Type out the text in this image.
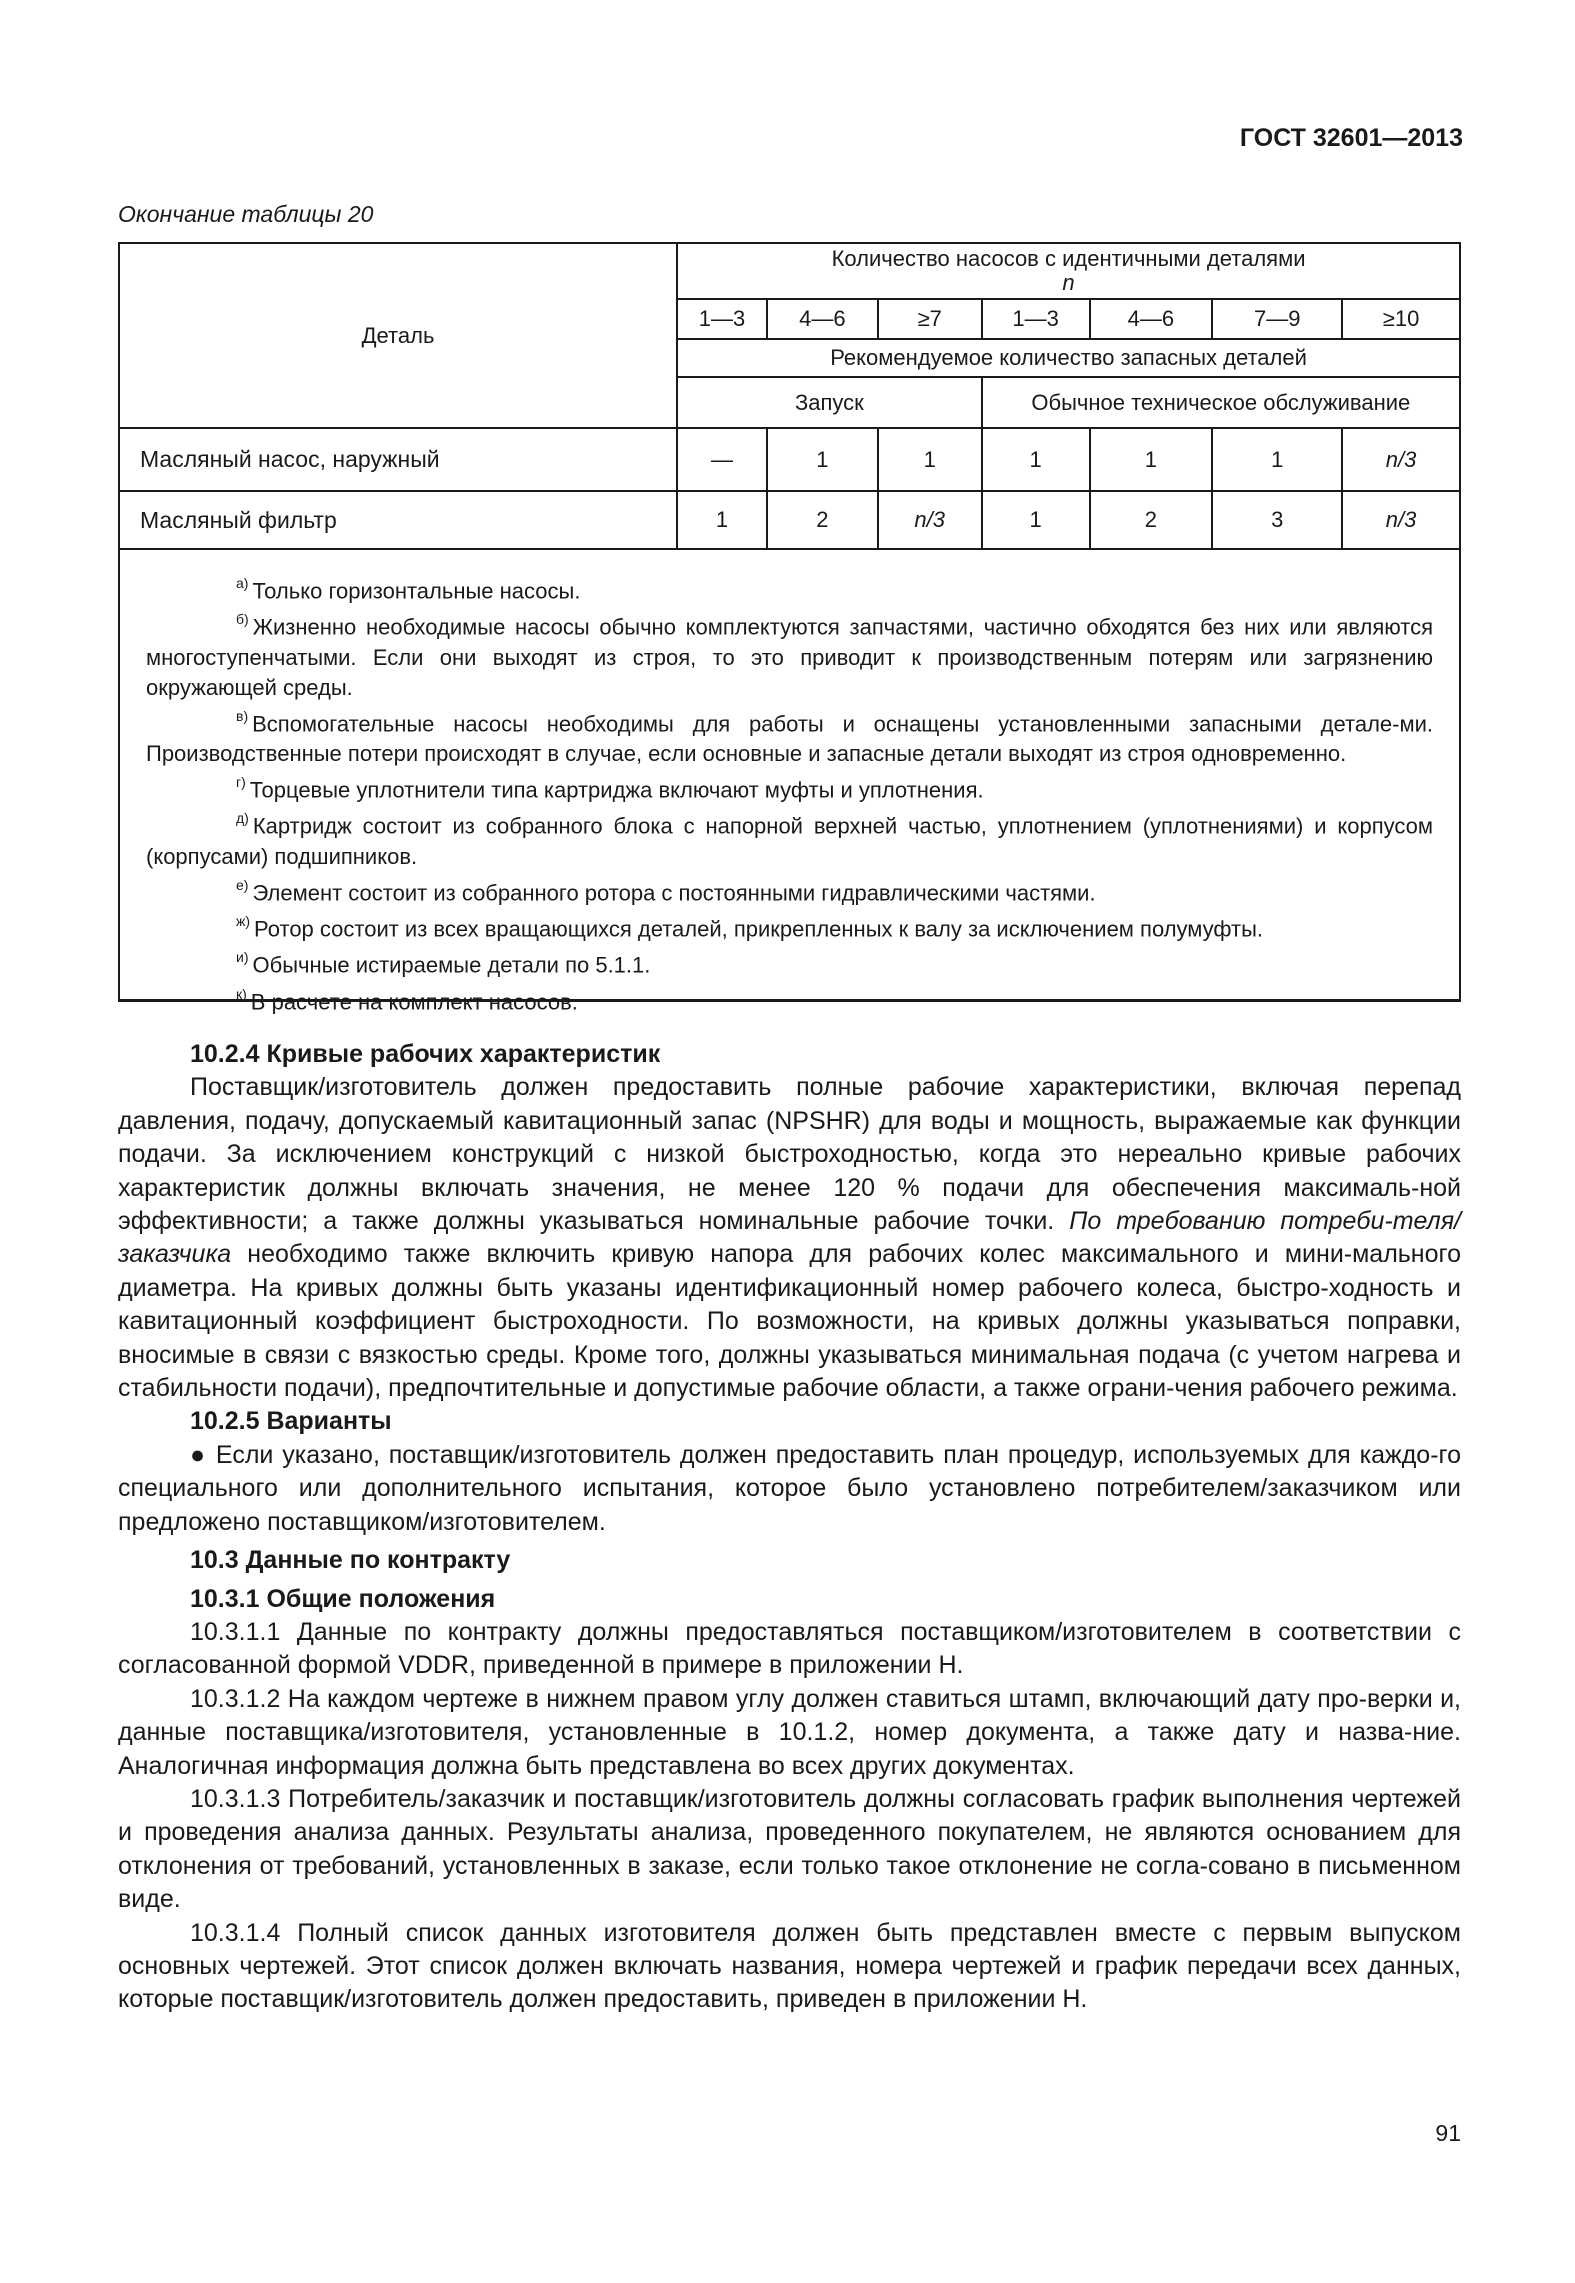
ГОСТ 32601—2013
Окончание таблицы 20
Деталь	Количество насосов с идентичными деталями
n						

	1—3	4—6	≥7	1—3	4—6	7—9	≥10
	Рекомендуемое количество запасных деталей						
	Запуск			Обычное техническое обслуживание			
Масляный насос, наружный	—	1	1	1	1	1	n/3
Масляный фильтр	1	2	n/3	1	2	3	n/3

$^{а)}$ Только горизонтальные насосы.

$^{б)}$ Жизненно необходимые насосы обычно комплектуются запчастями, частично обходятся без них или являются многоступенчатыми. Если они выходят из строя, то это приводит к производственным потерям или загрязнению окружающей среды.

$^{в)}$ Вспомогательные насосы необходимы для работы и оснащены установленными запасными детале-ми. Производственные потери происходят в случае, если основные и запасные детали выходят из строя одновременно.

$^{г)}$ Торцевые уплотнители типа картриджа включают муфты и уплотнения.

$^{д)}$ Картридж состоит из собранного блока с напорной верхней частью, уплотнением (уплотнениями) и корпусом (корпусами) подшипников.

$^{е)}$ Элемент состоит из собранного ротора с постоянными гидравлическими частями.

$^{ж)}$ Ротор состоит из всех вращающихся деталей, прикрепленных к валу за исключением полумуфты.

$^{и)}$ Обычные истираемые детали по 5.1.1.

$^{к)}$ В расчете на комплект насосов.

10.2.4 Кривые рабочих характеристик

Поставщик/изготовитель должен предоставить полные рабочие характеристики, включая перепад давления, подачу, допускаемый кавитационный запас (NPSHR) для воды и мощность, выражаемые как функции подачи. За исключением конструкций с низкой быстроходностью, когда это нереально кривые рабочих характеристик должны включать значения, не менее 120 % подачи для обеспечения максималь-ной эффективности; а также должны указываться номинальные рабочие точки. По требованию потреби-теля/заказчика необходимо также включить кривую напора для рабочих колес максимального и мини-мального диаметра. На кривых должны быть указаны идентификационный номер рабочего колеса, быстро-ходность и кавитационный коэффициент быстроходности. По возможности, на кривых должны указываться поправки, вносимые в связи с вязкостью среды. Кроме того, должны указываться минимальная подача (с учетом нагрева и стабильности подачи), предпочтительные и допустимые рабочие области, а также ограни-чения рабочего режима.

10.2.5 Варианты

● Если указано, поставщик/изготовитель должен предоставить план процедур, используемых для каждо-го специального или дополнительного испытания, которое было установлено потребителем/заказчиком или предложено поставщиком/изготовителем.

10.3 Данные по контракту
10.3.1 Общие положения

10.3.1.1 Данные по контракту должны предоставляться поставщиком/изготовителем в соответствии с согласованной формой VDDR, приведенной в примере в приложении Н.

10.3.1.2 На каждом чертеже в нижнем правом углу должен ставиться штамп, включающий дату про-верки и, данные поставщика/изготовителя, установленные в 10.1.2, номер документа, а также дату и назва-ние. Аналогичная информация должна быть представлена во всех других документах.

10.3.1.3 Потребитель/заказчик и поставщик/изготовитель должны согласовать график выполнения чертежей и проведения анализа данных. Результаты анализа, проведенного покупателем, не являются основанием для отклонения от требований, установленных в заказе, если только такое отклонение не согла-совано в письменном виде.

10.3.1.4 Полный список данных изготовителя должен быть представлен вместе с первым выпуском основных чертежей. Этот список должен включать названия, номера чертежей и график передачи всех данных, которые поставщик/изготовитель должен предоставить, приведен в приложении Н.

91
